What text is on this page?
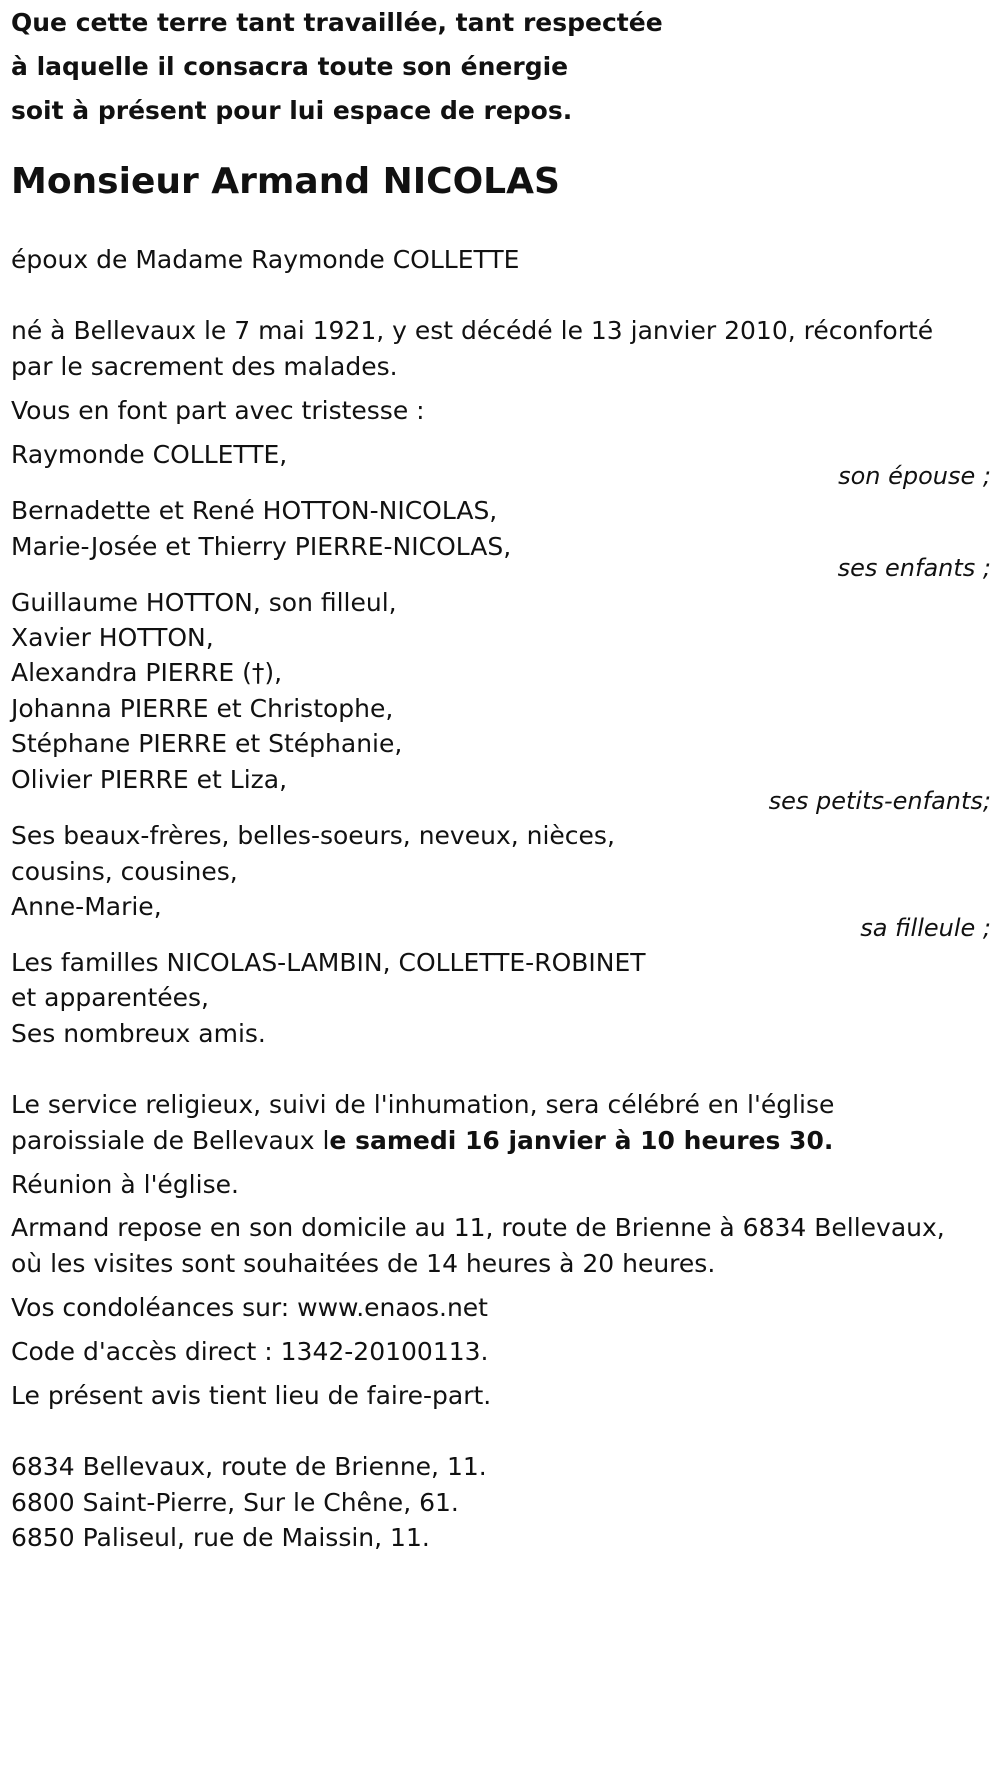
Que cette terre tant travaillée, tant respectée
à laquelle il consacra toute son énergie
soit à présent pour lui espace de repos.
Monsieur Armand NICOLAS
époux de Madame Raymonde COLLETTE
né à Bellevaux le 7 mai 1921, y est décédé le 13 janvier 2010, réconforté
par le sacrement des malades.
Vous en font part avec tristesse :
Raymonde COLLETTE,
son épouse ;
Bernadette et René HOTTON-NICOLAS,
Marie-Josée et Thierry PIERRE-NICOLAS,
ses enfants ;
Guillaume HOTTON, son filleul,
Xavier HOTTON,
Alexandra PIERRE (†),
Johanna PIERRE et Christophe,
Stéphane PIERRE et Stéphanie,
Olivier PIERRE et Liza,
ses petits-enfants;
Ses beaux-frères, belles-soeurs, neveux, nièces,
cousins, cousines,
Anne-Marie,
sa filleule ;
Les familles NICOLAS-LAMBIN, COLLETTE-ROBINET
et apparentées,
Ses nombreux amis.
Le service religieux, suivi de l'inhumation, sera célébré en l'église
paroissiale de Bellevaux le samedi 16 janvier à 10 heures 30.
Réunion à l'église.
Armand repose en son domicile au 11, route de Brienne à 6834 Bellevaux,
où les visites sont souhaitées de 14 heures à 20 heures.
Vos condoléances sur: www.enaos.net
Code d'accès direct : 1342-20100113.
Le présent avis tient lieu de faire-part.
6834 Bellevaux, route de Brienne, 11.
6800 Saint-Pierre, Sur le Chêne, 61.
6850 Paliseul, rue de Maissin, 11.
